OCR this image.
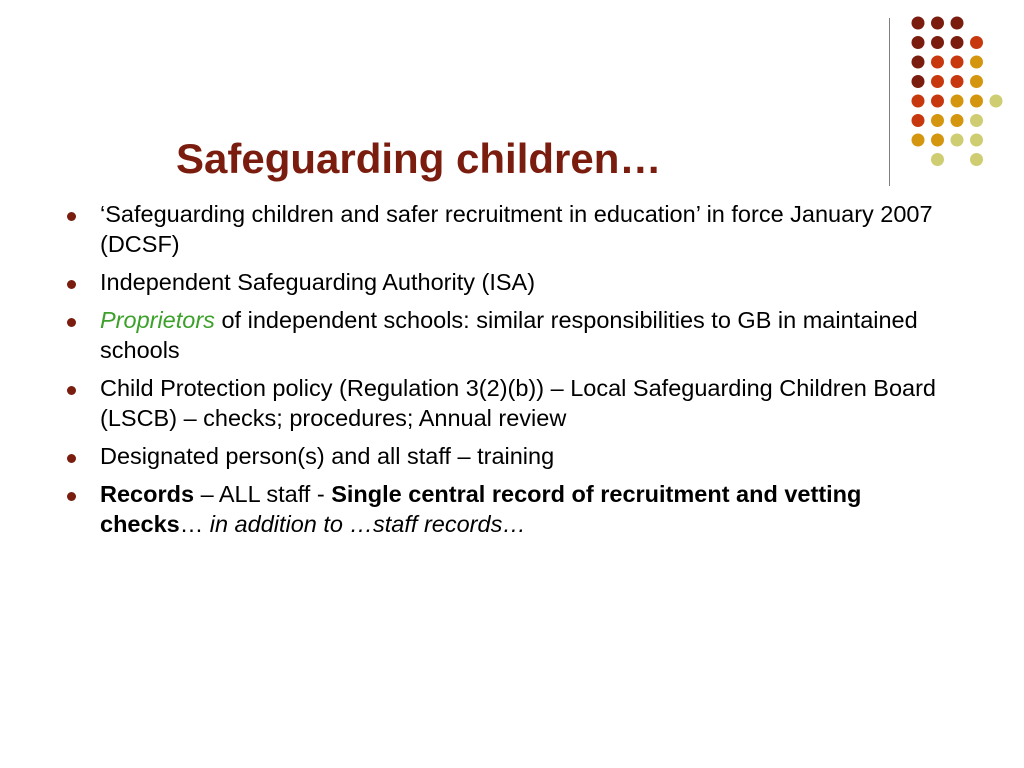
Safeguarding children…
‘Safeguarding children and safer recruitment in education’ in force January 2007 (DCSF)
Independent Safeguarding Authority (ISA)
Proprietors of independent schools: similar responsibilities to GB in maintained schools
Child Protection policy (Regulation 3(2)(b)) – Local Safeguarding Children Board (LSCB) – checks; procedures; Annual review
Designated person(s) and all staff – training
Records – ALL staff - Single central record of recruitment and vetting checks… in addition to …staff records…
